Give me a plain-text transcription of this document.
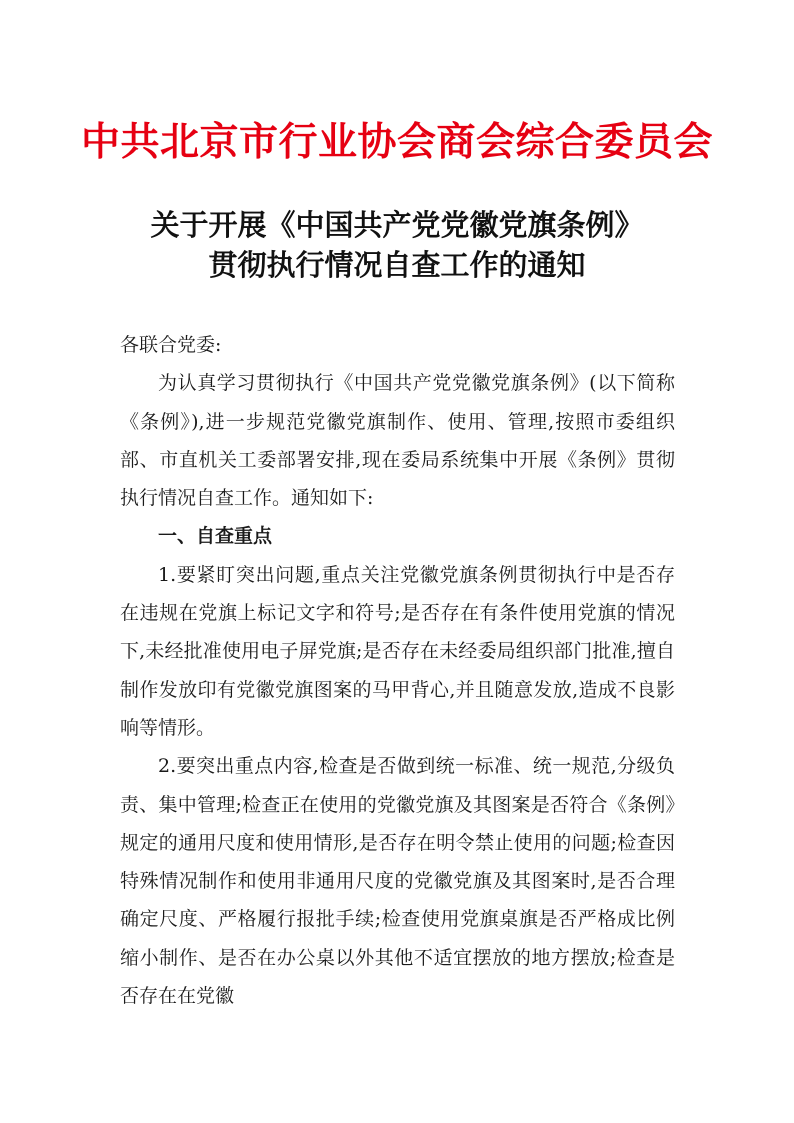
中共北京市行业协会商会综合委员会
关于开展《中国共产党党徽党旗条例》
贯彻执行情况自查工作的通知

各联合党委:

为认真学习贯彻执行《中国共产党党徽党旗条例》(以下简称《条例》),进一步规范党徽党旗制作、使用、管理,按照市委组织部、市直机关工委部署安排,现在委局系统集中开展《条例》贯彻执行情况自查工作。通知如下:

一、自查重点

1.要紧盯突出问题,重点关注党徽党旗条例贯彻执行中是否存在违规在党旗上标记文字和符号;是否存在有条件使用党旗的情况下,未经批准使用电子屏党旗;是否存在未经委局组织部门批准,擅自制作发放印有党徽党旗图案的马甲背心,并且随意发放,造成不良影响等情形。

2.要突出重点内容,检查是否做到统一标准、统一规范,分级负责、集中管理;检查正在使用的党徽党旗及其图案是否符合《条例》规定的通用尺度和使用情形,是否存在明令禁止使用的问题;检查因特殊情况制作和使用非通用尺度的党徽党旗及其图案时,是否合理确定尺度、严格履行报批手续;检查使用党旗桌旗是否严格成比例缩小制作、是否在办公桌以外其他不适宜摆放的地方摆放;检查是否存在在党徽
